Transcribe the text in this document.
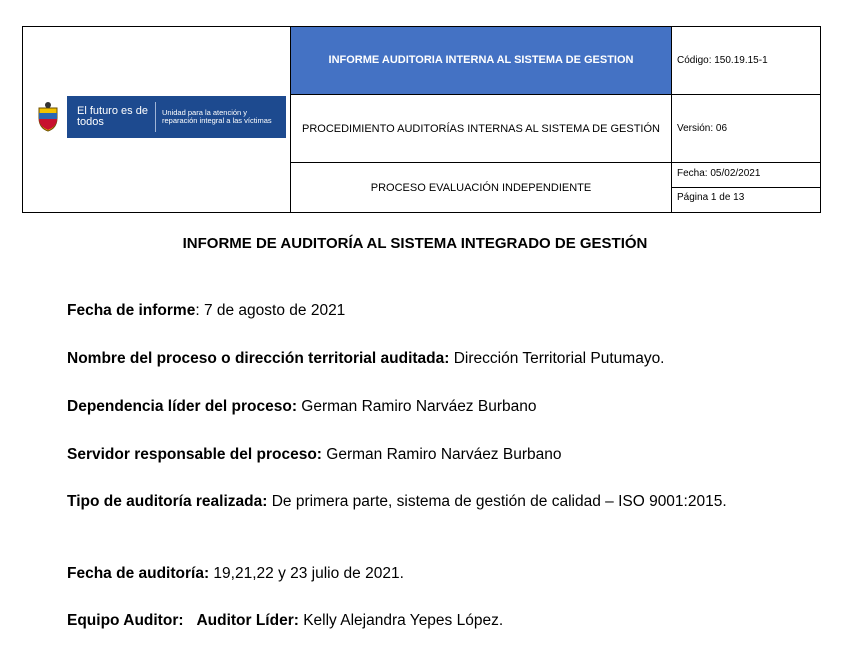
El futuro es de todos
Unidad para la atención y reparación integral a las víctimas	INFORME AUDITORIA INTERNA AL SISTEMA DE GESTION	Código: 150.19.15-1
	PROCEDIMIENTO AUDITORÍAS INTERNAS AL SISTEMA DE GESTIÓN	Versión: 06
	PROCESO EVALUACIÓN INDEPENDIENTE	Fecha: 05/02/2021
Página 1 de 13
INFORME DE AUDITORÍA AL SISTEMA INTEGRADO DE GESTIÓN
Fecha de informe: 7 de agosto de 2021
Nombre del proceso o dirección territorial auditada: Dirección Territorial Putumayo.
Dependencia líder del proceso: German Ramiro Narváez Burbano
Servidor responsable del proceso: German Ramiro Narváez Burbano
Tipo de auditoría realizada: De primera parte, sistema de gestión de calidad – ISO 9001:2015.
Fecha de auditoría: 19,21,22 y 23 julio de 2021.
Equipo Auditor: Auditor Líder: Kelly Alejandra Yepes López.
